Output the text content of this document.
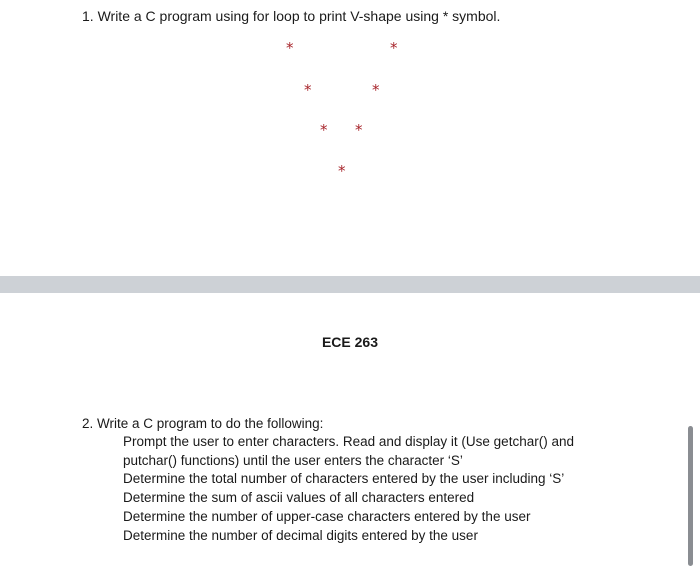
1. Write a C program using for loop to print V-shape using * symbol.
*	*
*	*
* *
*
ECE 263
2. Write a C program to do the following:
Prompt the user to enter characters. Read and display it (Use getchar() and
putchar() functions) until the user enters the character ‘S’
Determine the total number of characters entered by the user including ‘S’
Determine the sum of ascii values of all characters entered
Determine the number of upper-case characters entered by the user
Determine the number of decimal digits entered by the user
